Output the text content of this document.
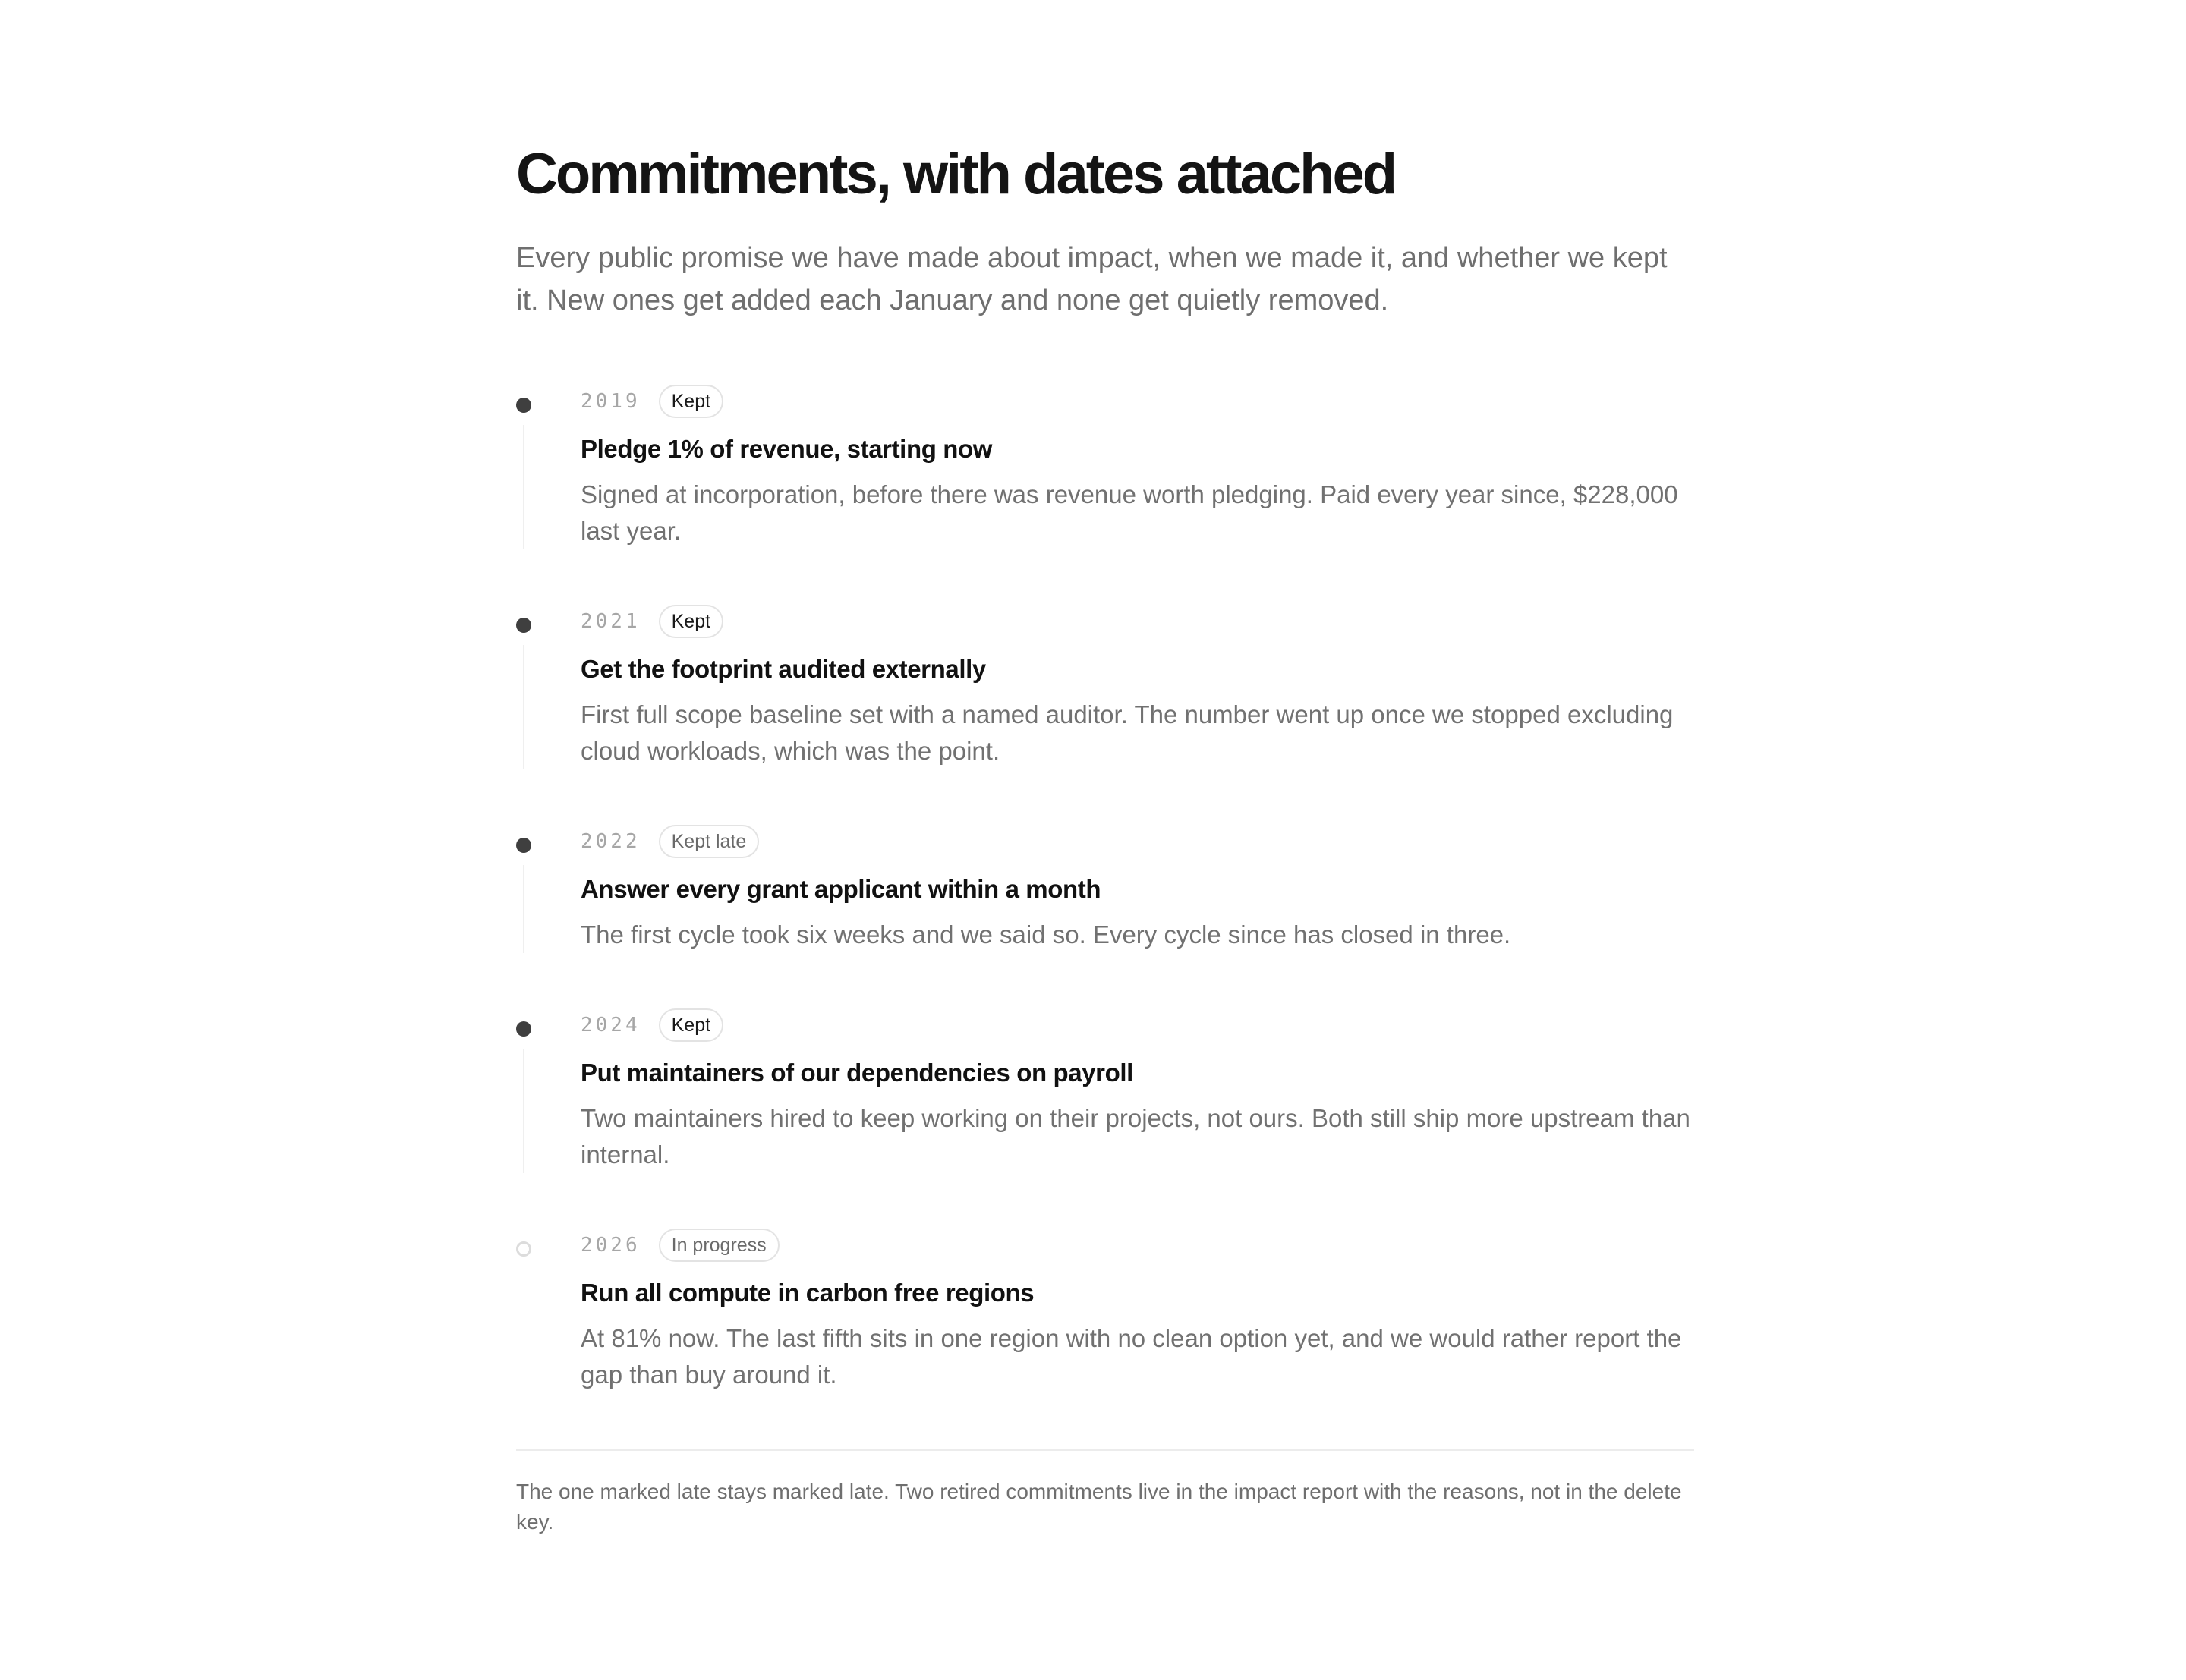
Commitments, with dates attached

Every public promise we have made about impact, when we made it, and whether we kept it. New ones get added each January and none get quietly removed.

2019	Kept
Pledge 1% of revenue, starting now

Signed at incorporation, before there was revenue worth pledging. Paid every year since, $228,000 last year.

2021	Kept
Get the footprint audited externally

First full scope baseline set with a named auditor. The number went up once we stopped excluding cloud workloads, which was the point.

2022	Kept late
Answer every grant applicant within a month

The first cycle took six weeks and we said so. Every cycle since has closed in three.

2024	Kept
Put maintainers of our dependencies on payroll

Two maintainers hired to keep working on their projects, not ours. Both still ship more upstream than internal.

2026	In progress
Run all compute in carbon free regions

At 81% now. The last fifth sits in one region with no clean option yet, and we would rather report the gap than buy around it.

The one marked late stays marked late. Two retired commitments live in the impact report with the reasons, not in the delete key.
